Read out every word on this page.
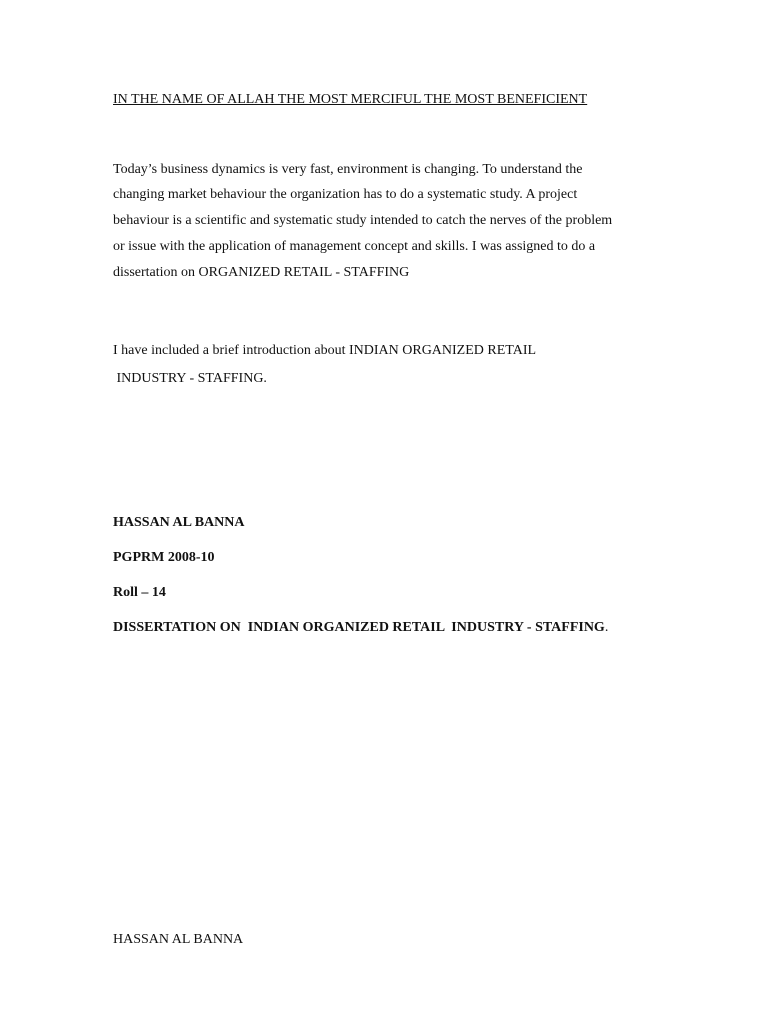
IN THE NAME OF ALLAH THE MOST MERCIFUL THE MOST BENEFICIENT
Today’s business dynamics is very fast, environment is changing. To understand the
changing market behaviour the organization has to do a systematic study. A project
behaviour is a scientific and systematic study intended to catch the nerves of the problem
or issue with the application of management concept and skills. I was assigned to do a
dissertation on ORGANIZED RETAIL - STAFFING
I have included a brief introduction about INDIAN ORGANIZED RETAIL
INDUSTRY - STAFFING.
HASSAN AL BANNA
PGPRM 2008-10
Roll – 14
DISSERTATION ON  INDIAN ORGANIZED RETAIL  INDUSTRY - STAFFING.
HASSAN AL BANNA
